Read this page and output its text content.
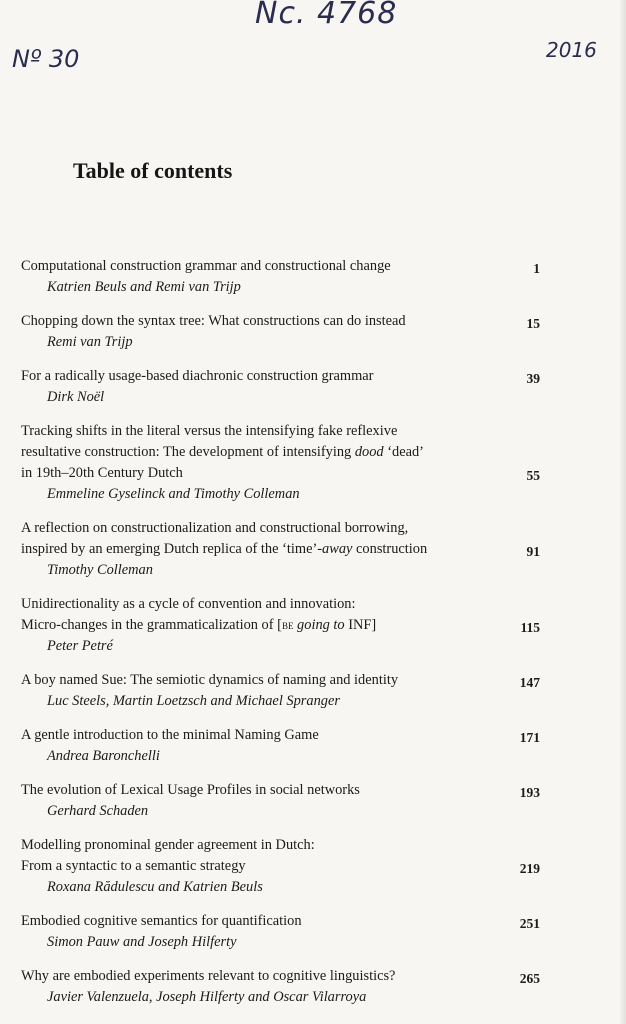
Nc. 4768
Nº 30	2016
Table of contents
Computational construction grammar and constructional change
Katrien Beuls and Remi van Trijp
1
Chopping down the syntax tree: What constructions can do instead
Remi van Trijp
15
For a radically usage-based diachronic construction grammar
Dirk Noël
39
Tracking shifts in the literal versus the intensifying fake reflexive
resultative construction: The development of intensifying dood ‘dead’
in 19th–20th Century Dutch
Emmeline Gyselinck and Timothy Colleman
55
A reflection on constructionalization and constructional borrowing,
inspired by an emerging Dutch replica of the ‘time’-away construction
Timothy Colleman
91
Unidirectionality as a cycle of convention and innovation:
Micro-changes in the grammaticalization of [be going to INF]
Peter Petré
115
A boy named Sue: The semiotic dynamics of naming and identity
Luc Steels, Martin Loetzsch and Michael Spranger
147
A gentle introduction to the minimal Naming Game
Andrea Baronchelli
171
The evolution of Lexical Usage Profiles in social networks
Gerhard Schaden
193
Modelling pronominal gender agreement in Dutch:
From a syntactic to a semantic strategy
Roxana Rădulescu and Katrien Beuls
219
Embodied cognitive semantics for quantification
Simon Pauw and Joseph Hilferty
251
Why are embodied experiments relevant to cognitive linguistics?
Javier Valenzuela, Joseph Hilferty and Oscar Vilarroya
265
